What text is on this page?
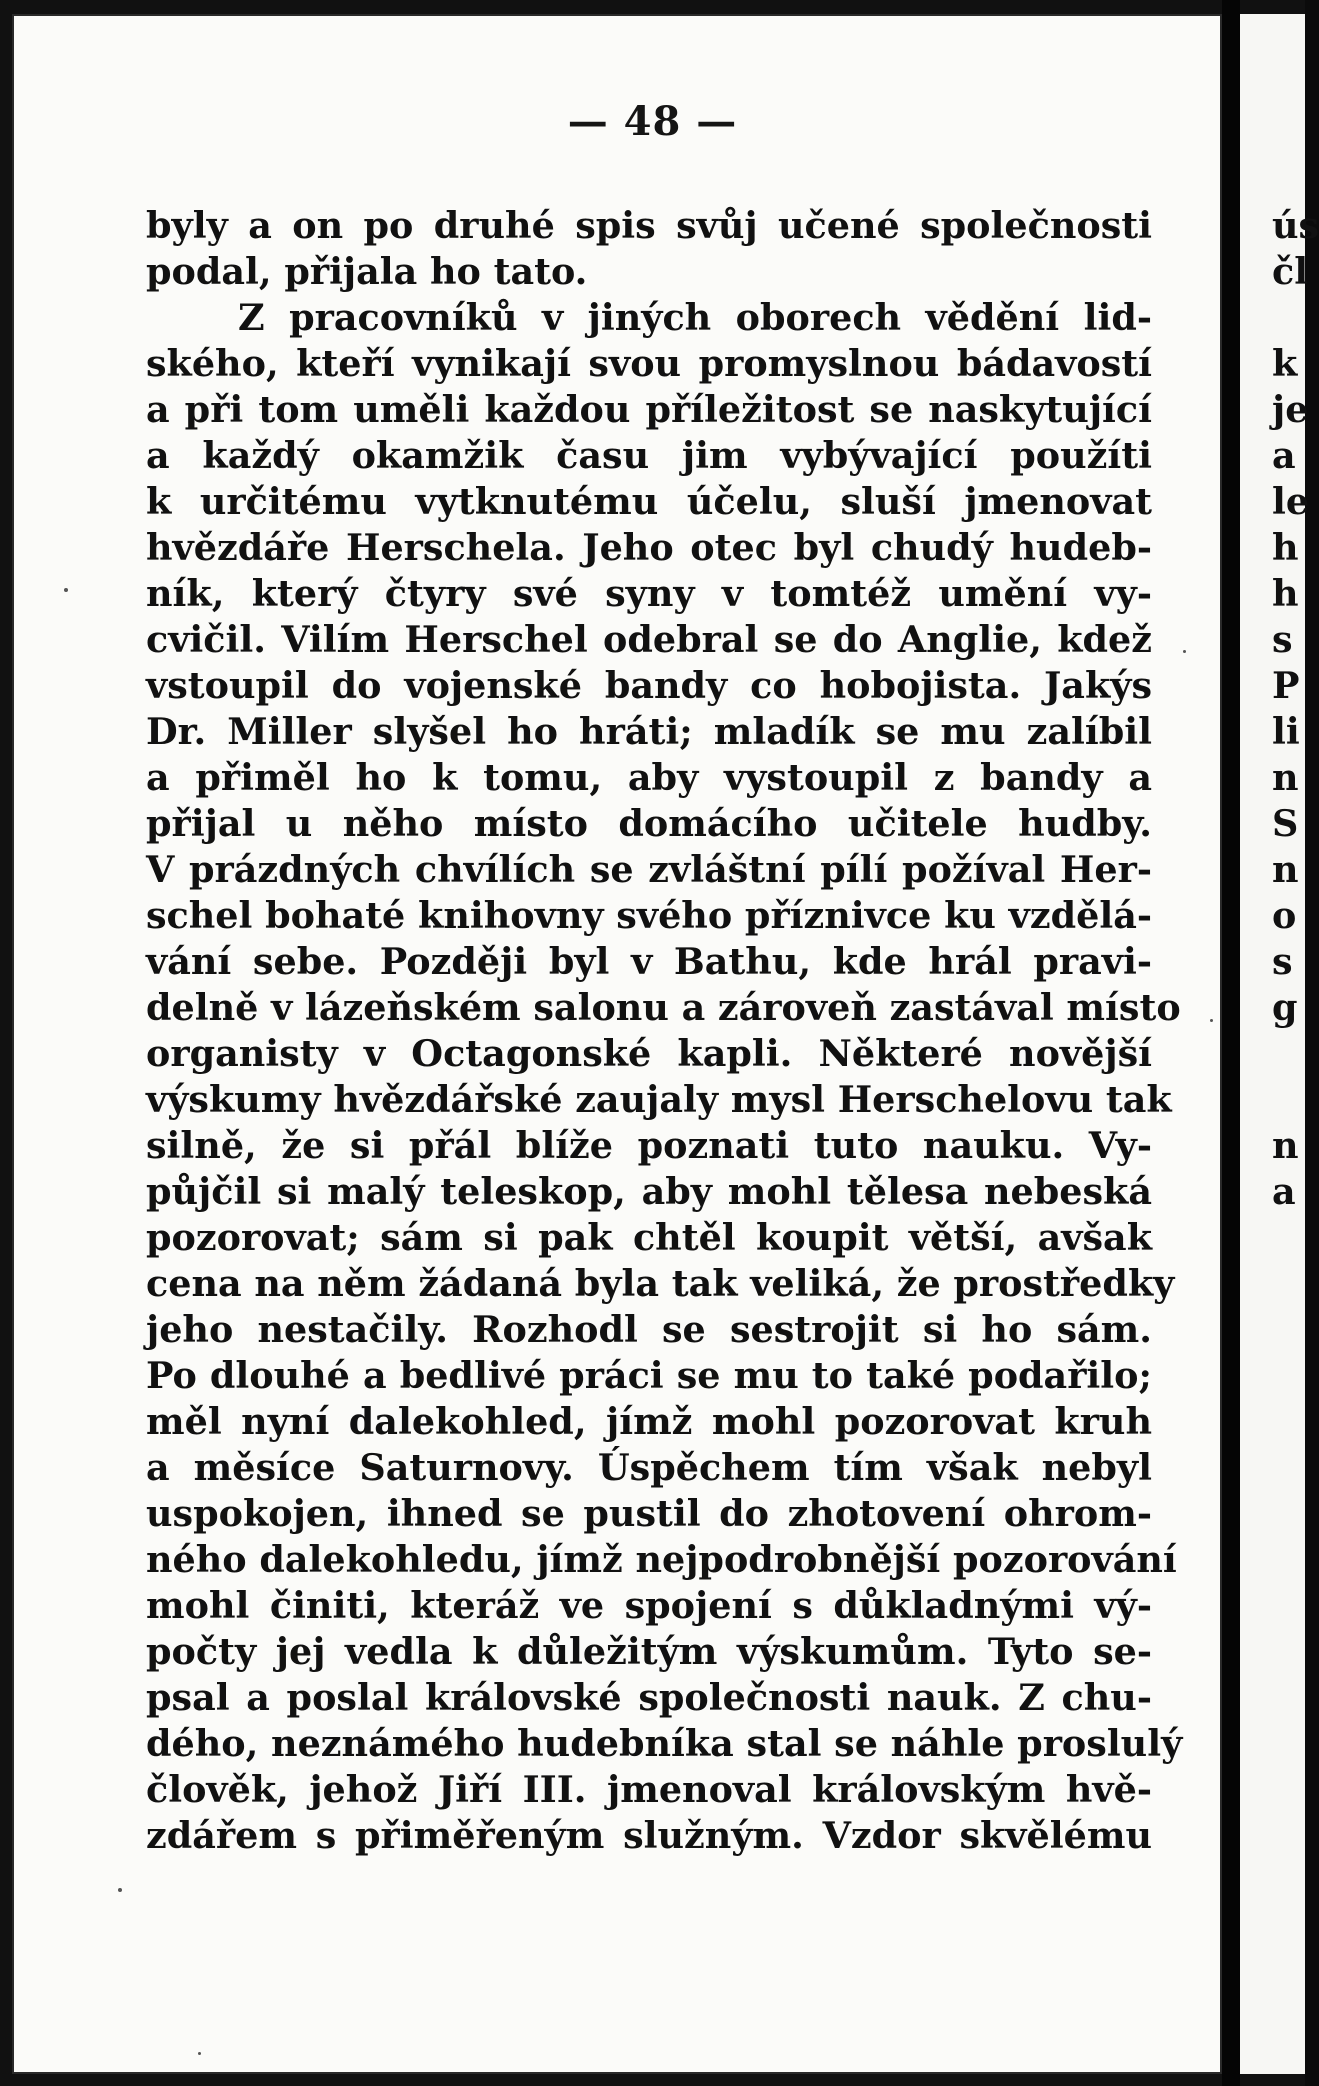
— 48 —
byly a on po druhé spis svůj učené společnosti
podal, přijala ho tato.
Z pracovníků v jiných oborech vědění lid-
ského, kteří vynikají svou promyslnou bádavostí
a při tom uměli každou příležitost se naskytující
a každý okamžik času jim vybývající použíti
k určitému vytknutému účelu, sluší jmenovat
hvězdáře Herschela. Jeho otec byl chudý hudeb-
ník, který čtyry své syny v tomtéž umění vy-
cvičil. Vilím Herschel odebral se do Anglie, kdež
vstoupil do vojenské bandy co hobojista. Jakýs
Dr. Miller slyšel ho hráti; mladík se mu zalíbil
a přiměl ho k tomu, aby vystoupil z bandy a
přijal u něho místo domácího učitele hudby.
V prázdných chvílích se zvláštní pílí požíval Her-
schel bohaté knihovny svého příznivce ku vzdělá-
vání sebe. Později byl v Bathu, kde hrál pravi-
delně v lázeňském salonu a zároveň zastával místo
organisty v Octagonské kapli. Některé novější
výskumy hvězdářské zaujaly mysl Herschelovu tak
silně, že si přál blíže poznati tuto nauku. Vy-
půjčil si malý teleskop, aby mohl tělesa nebeská
pozorovat; sám si pak chtěl koupit větší, avšak
cena na něm žádaná byla tak veliká, že prostředky
jeho nestačily. Rozhodl se sestrojit si ho sám.
Po dlouhé a bedlivé práci se mu to také podařilo;
měl nyní dalekohled, jímž mohl pozorovat kruh
a měsíce Saturnovy. Úspěchem tím však nebyl
uspokojen, ihned se pustil do zhotovení ohrom-
ného dalekohledu, jímž nejpodrobnější pozorování
mohl činiti, kteráž ve spojení s důkladnými vý-
počty jej vedla k důležitým výskumům. Tyto se-
psal a poslal královské společnosti nauk. Z chu-
dého, neznámého hudebníka stal se náhle proslulý
člověk, jehož Jiří III. jmenoval královským hvě-
zdářem s přiměřeným služným. Vzdor skvělému
ús
čl
k
je
a
le
h
h
s
P
li
n
S
n
o
s
g
n
a
